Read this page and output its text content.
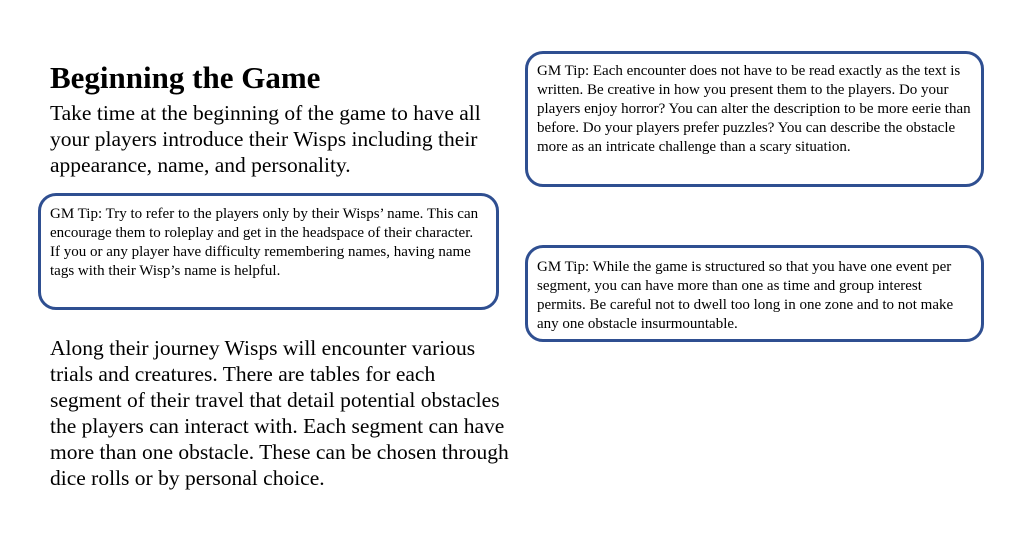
Beginning the Game

Take time at the beginning of the game to have all your players introduce their Wisps including their appearance, name, and personality.

GM Tip: Try to refer to the players only by their Wisps’ name. This can encourage them to roleplay and get in the headspace of their character. If you or any player have difficulty remembering names, having name tags with their Wisp’s name is helpful.

Along their journey Wisps will encounter various trials and creatures. There are tables for each segment of their travel that detail potential obstacles the players can interact with. Each segment can have more than one obstacle. These can be chosen through dice rolls or by personal choice.

GM Tip: Each encounter does not have to be read exactly as the text is written. Be creative in how you present them to the players. Do your players enjoy horror? You can alter the description to be more eerie than before. Do your players prefer puzzles? You can describe the obstacle more as an intricate challenge than a scary situation.
GM Tip: While the game is structured so that you have one event per segment, you can have more than one as time and group interest permits. Be careful not to dwell too long in one zone and to not make any one obstacle insurmountable.
